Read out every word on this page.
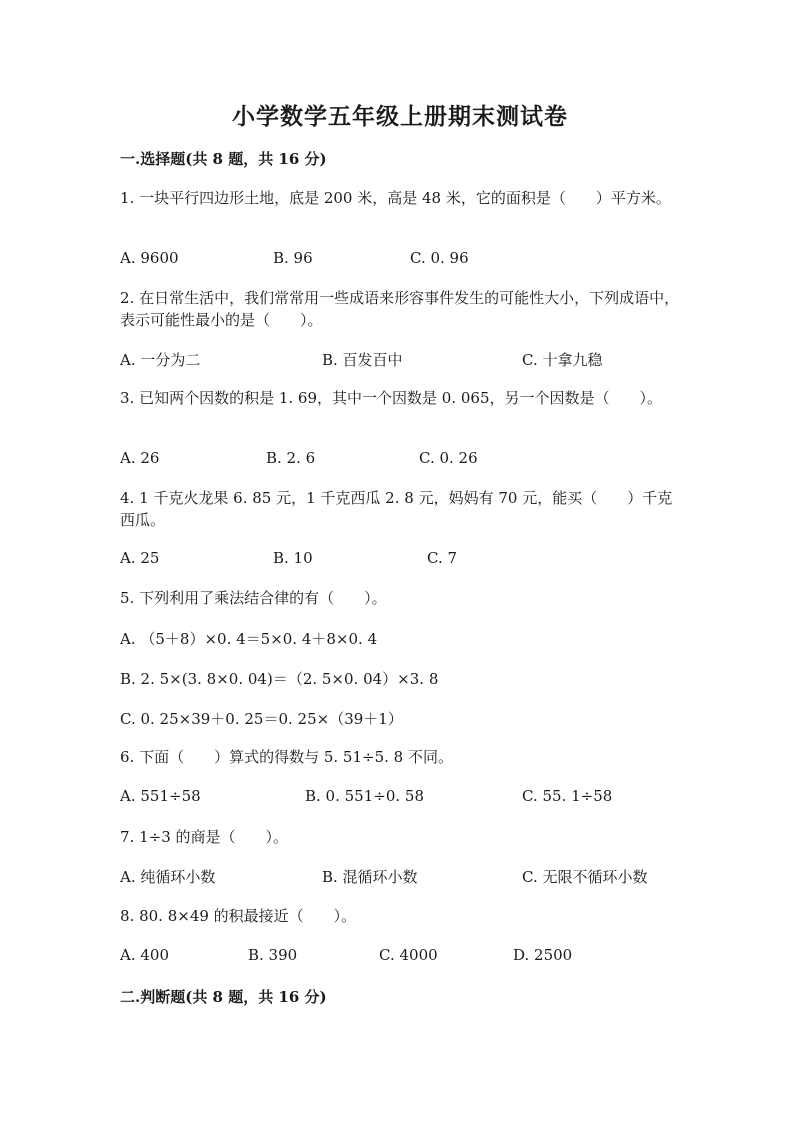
小学数学五年级上册期末测试卷
一.选择题(共 8 题，共 16 分)
1. 一块平行四边形土地，底是 200 米，高是 48 米，它的面积是（　　）平方米。
A. 9600	B. 96	C. 0. 96
2. 在日常生活中，我们常常用一些成语来形容事件发生的可能性大小，下列成语中，表示可能性最小的是（　　）。
A. 一分为二	B. 百发百中	C. 十拿九稳
3. 已知两个因数的积是 1. 69，其中一个因数是 0. 065，另一个因数是（　　）。
A. 26	B. 2. 6	C. 0. 26
4. 1 千克火龙果 6. 85 元，1 千克西瓜 2. 8 元，妈妈有 70 元，能买（　　）千克西瓜。
A. 25	B. 10	C. 7
5. 下列利用了乘法结合律的有（　　）。
A. （5＋8）×0. 4＝5×0. 4＋8×0. 4
B. 2. 5×(3. 8×0. 04)＝（2. 5×0. 04）×3. 8
C. 0. 25×39＋0. 25＝0. 25×（39＋1）
6. 下面（　　）算式的得数与 5. 51÷5. 8 不同。
A. 551÷58	B. 0. 551÷0. 58	C. 55. 1÷58
7. 1÷3 的商是（　　）。
A. 纯循环小数	B. 混循环小数	C. 无限不循环小数
8. 80. 8×49 的积最接近（　　）。
A. 400	B. 390	C. 4000	D. 2500
二.判断题(共 8 题，共 16 分)
